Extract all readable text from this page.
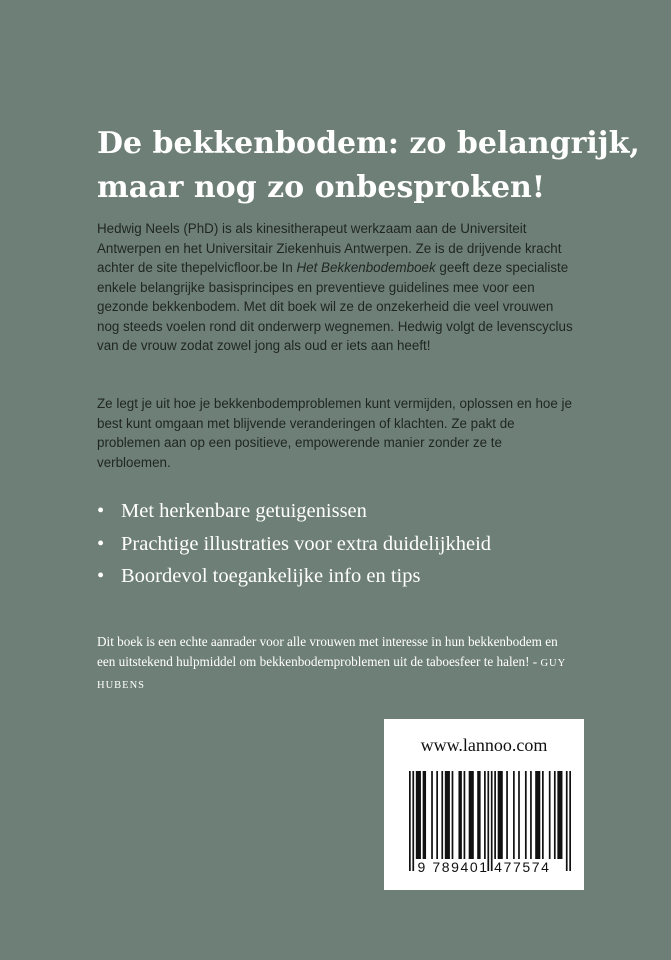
De bekkenbodem: zo belangrijk,
maar nog zo onbesproken!

Hedwig Neels (PhD) is als kinesitherapeut werkzaam aan de Universiteit Antwerpen en het Universitair Ziekenhuis Antwerpen. Ze is de drijvende kracht achter de site thepelvicfloor.be In Het Bekkenbodemboek geeft deze specialiste enkele belangrijke basisprincipes en preventieve guidelines mee voor een gezonde bekkenbodem. Met dit boek wil ze de onzekerheid die veel vrouwen nog steeds voelen rond dit onderwerp wegnemen. Hedwig volgt de levenscyclus van de vrouw zodat zowel jong als oud er iets aan heeft!

Ze legt je uit hoe je bekkenbodemproblemen kunt vermijden, oplossen en hoe je best kunt omgaan met blijvende veranderingen of klachten. Ze pakt de problemen aan op een positieve, empowerende manier zonder ze te verbloemen.

• Met herkenbare getuigenissen
• Prachtige illustraties voor extra duidelijkheid
• Boordevol toegankelijke info en tips

Dit boek is een echte aanrader voor alle vrouwen met interesse in hun bekkenbodem en een uitstekend hulpmiddel om bekkenbodemproblemen uit de taboesfeer te halen! - GUY HUBENS

www.lannoo.com
9 789401 477574
